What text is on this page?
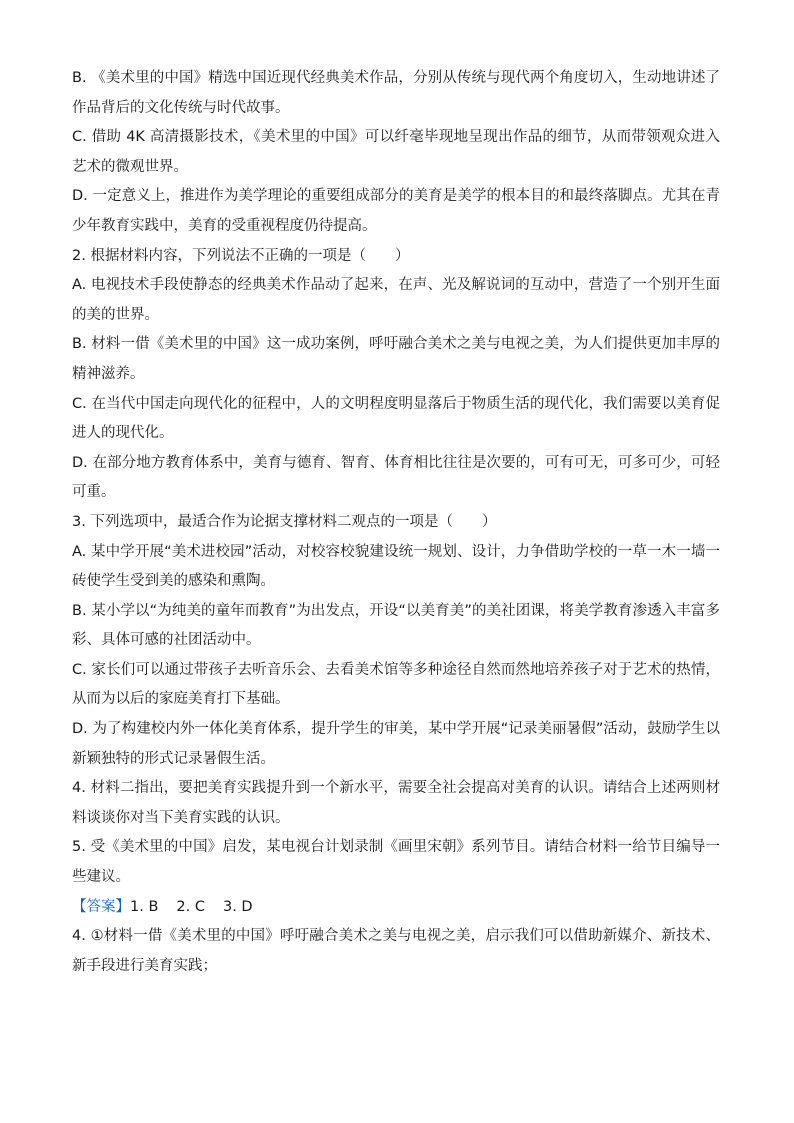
B. 《美术里的中国》精选中国近现代经典美术作品，分别从传统与现代两个角度切入，生动地讲述了作品背后的文化传统与时代故事。

C. 借助 4K 高清摄影技术，《美术里的中国》可以纤毫毕现地呈现出作品的细节，从而带领观众进入艺术的微观世界。

D. 一定意义上，推进作为美学理论的重要组成部分的美育是美学的根本目的和最终落脚点。尤其在青少年教育实践中，美育的受重视程度仍待提高。

2. 根据材料内容，下列说法不正确的一项是（　　）

A. 电视技术手段使静态的经典美术作品动了起来，在声、光及解说词的互动中，营造了一个别开生面的美的世界。

B. 材料一借《美术里的中国》这一成功案例，呼吁融合美术之美与电视之美，为人们提供更加丰厚的精神滋养。

C. 在当代中国走向现代化的征程中，人的文明程度明显落后于物质生活的现代化，我们需要以美育促进人的现代化。

D. 在部分地方教育体系中，美育与德育、智育、体育相比往往是次要的，可有可无，可多可少，可轻可重。

3. 下列选项中，最适合作为论据支撑材料二观点的一项是（　　）

A. 某中学开展“美术进校园”活动，对校容校貌建设统一规划、设计，力争借助学校的一草一木一墙一砖使学生受到美的感染和熏陶。

B. 某小学以“为纯美的童年而教育”为出发点，开设“以美育美”的美社团课，将美学教育渗透入丰富多彩、具体可感的社团活动中。

C. 家长们可以通过带孩子去听音乐会、去看美术馆等多种途径自然而然地培养孩子对于艺术的热情，从而为以后的家庭美育打下基础。

D. 为了构建校内外一体化美育体系，提升学生的审美，某中学开展“记录美丽暑假”活动，鼓励学生以新颖独特的形式记录暑假生活。

4. 材料二指出，要把美育实践提升到一个新水平，需要全社会提高对美育的认识。请结合上述两则材料谈谈你对当下美育实践的认识。

5. 受《美术里的中国》启发，某电视台计划录制《画里宋朝》系列节目。请结合材料一给节目编导一些建议。

【答案】1. B 2. C 3. D

4. ①材料一借《美术里的中国》呼吁融合美术之美与电视之美，启示我们可以借助新媒介、新技术、新手段进行美育实践；
